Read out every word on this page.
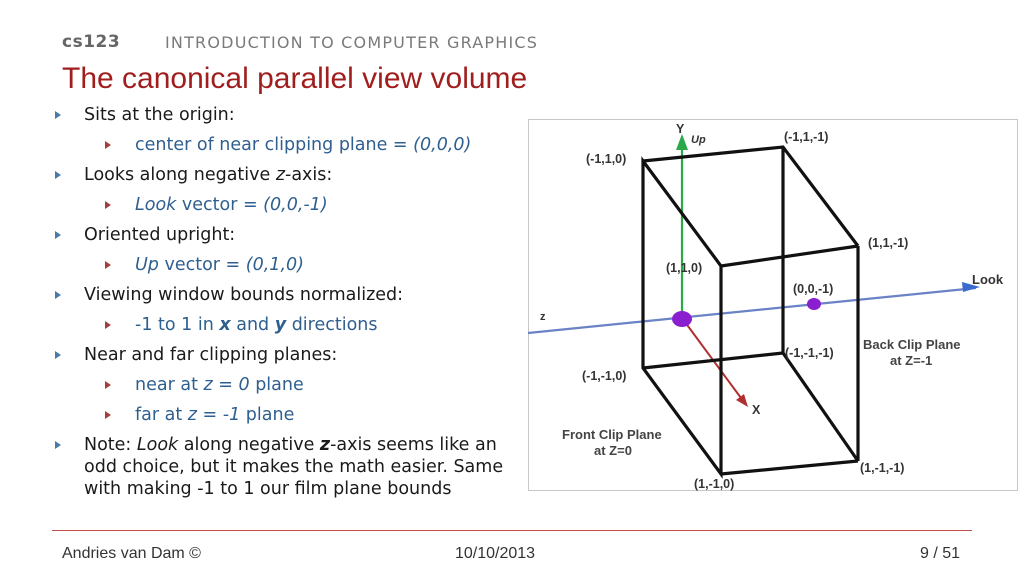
cs123	INTRODUCTION TO COMPUTER GRAPHICS
The canonical parallel view volume
Sits at the origin:
center of near clipping plane = (0,0,0)
Looks along negative z-axis:
Look vector = (0,0,-1)
Oriented upright:
Up vector = (0,1,0)
Viewing window bounds normalized:
-1 to 1 in x and y directions
Near and far clipping planes:
near at z = 0 plane
far at z = -1 plane
Note: Look along negative z-axis seems like an odd choice, but it makes the math easier. Same with making -1 to 1 our film plane bounds
Y
Up
z
X
Look
(-1,1,0)
(-1,1,-1)
(1,1,-1)
(1,1,0)
(0,0,-1)
(-1,-1,-1)
(-1,-1,0)
(1,-1,-1)
(1,-1,0)
Back Clip Plane
at Z=-1
Front Clip Plane
at Z=0
Andries van Dam ©	10/10/2013	9 / 51
